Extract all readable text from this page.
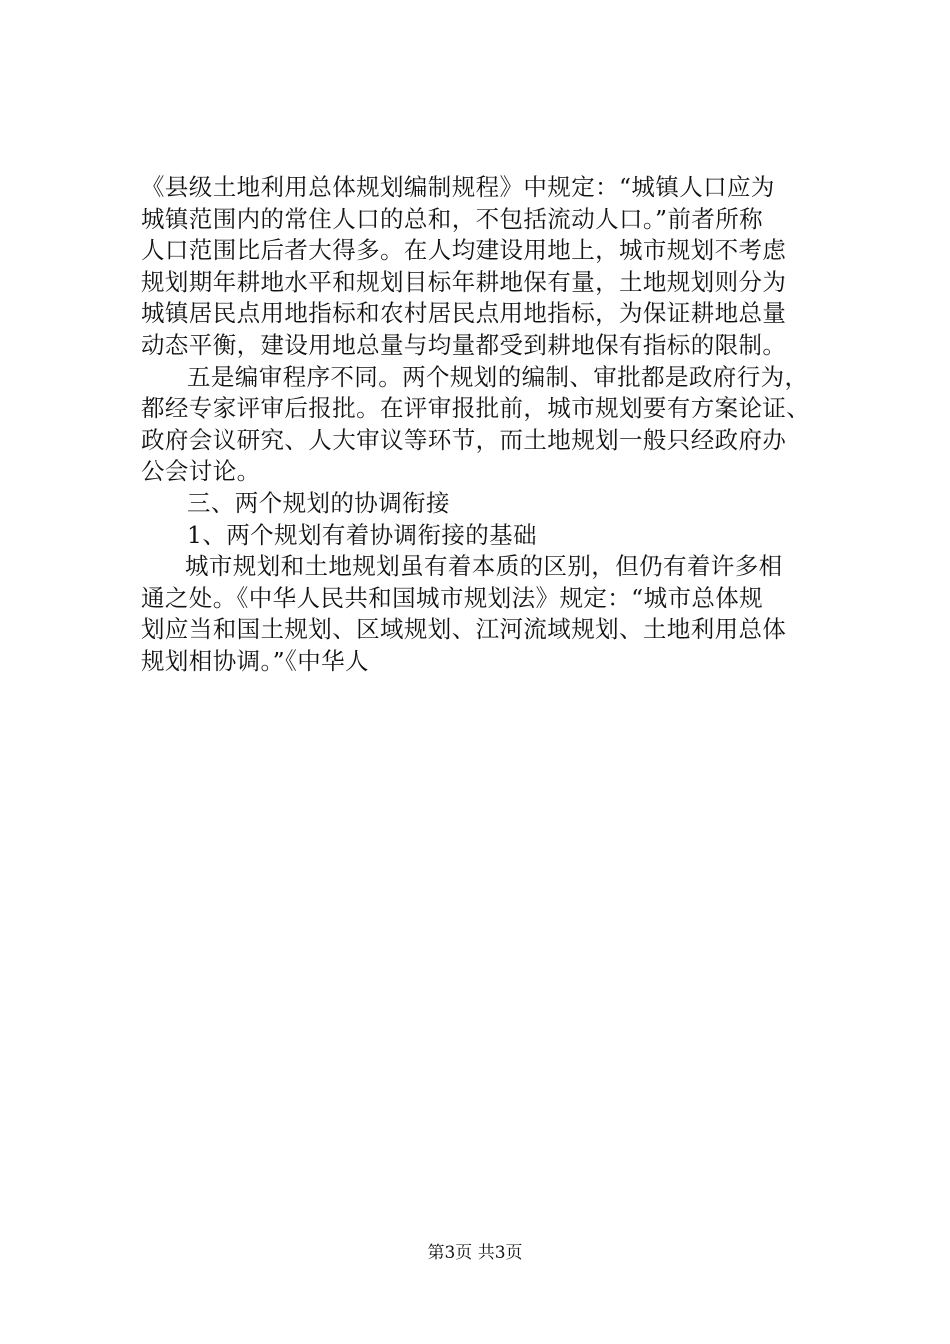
《县级土地利用总体规划编制规程》中规定：“城镇人口应为
城镇范围内的常住人口的总和，不包括流动人口。”前者所称
人口范围比后者大得多。在人均建设用地上，城市规划不考虑
规划期年耕地水平和规划目标年耕地保有量，土地规划则分为
城镇居民点用地指标和农村居民点用地指标，为保证耕地总量
动态平衡，建设用地总量与均量都受到耕地保有指标的限制。
五是编审程序不同。两个规划的编制、审批都是政府行为，
都经专家评审后报批。在评审报批前，城市规划要有方案论证、
政府会议研究、人大审议等环节，而土地规划一般只经政府办
公会讨论。
三、两个规划的协调衔接
1、两个规划有着协调衔接的基础
城市规划和土地规划虽有着本质的区别，但仍有着许多相
通之处。《中华人民共和国城市规划法》规定：“城市总体规
划应当和国土规划、区域规划、江河流域规划、土地利用总体
规划相协调。”《中华人
第3页 共3页
